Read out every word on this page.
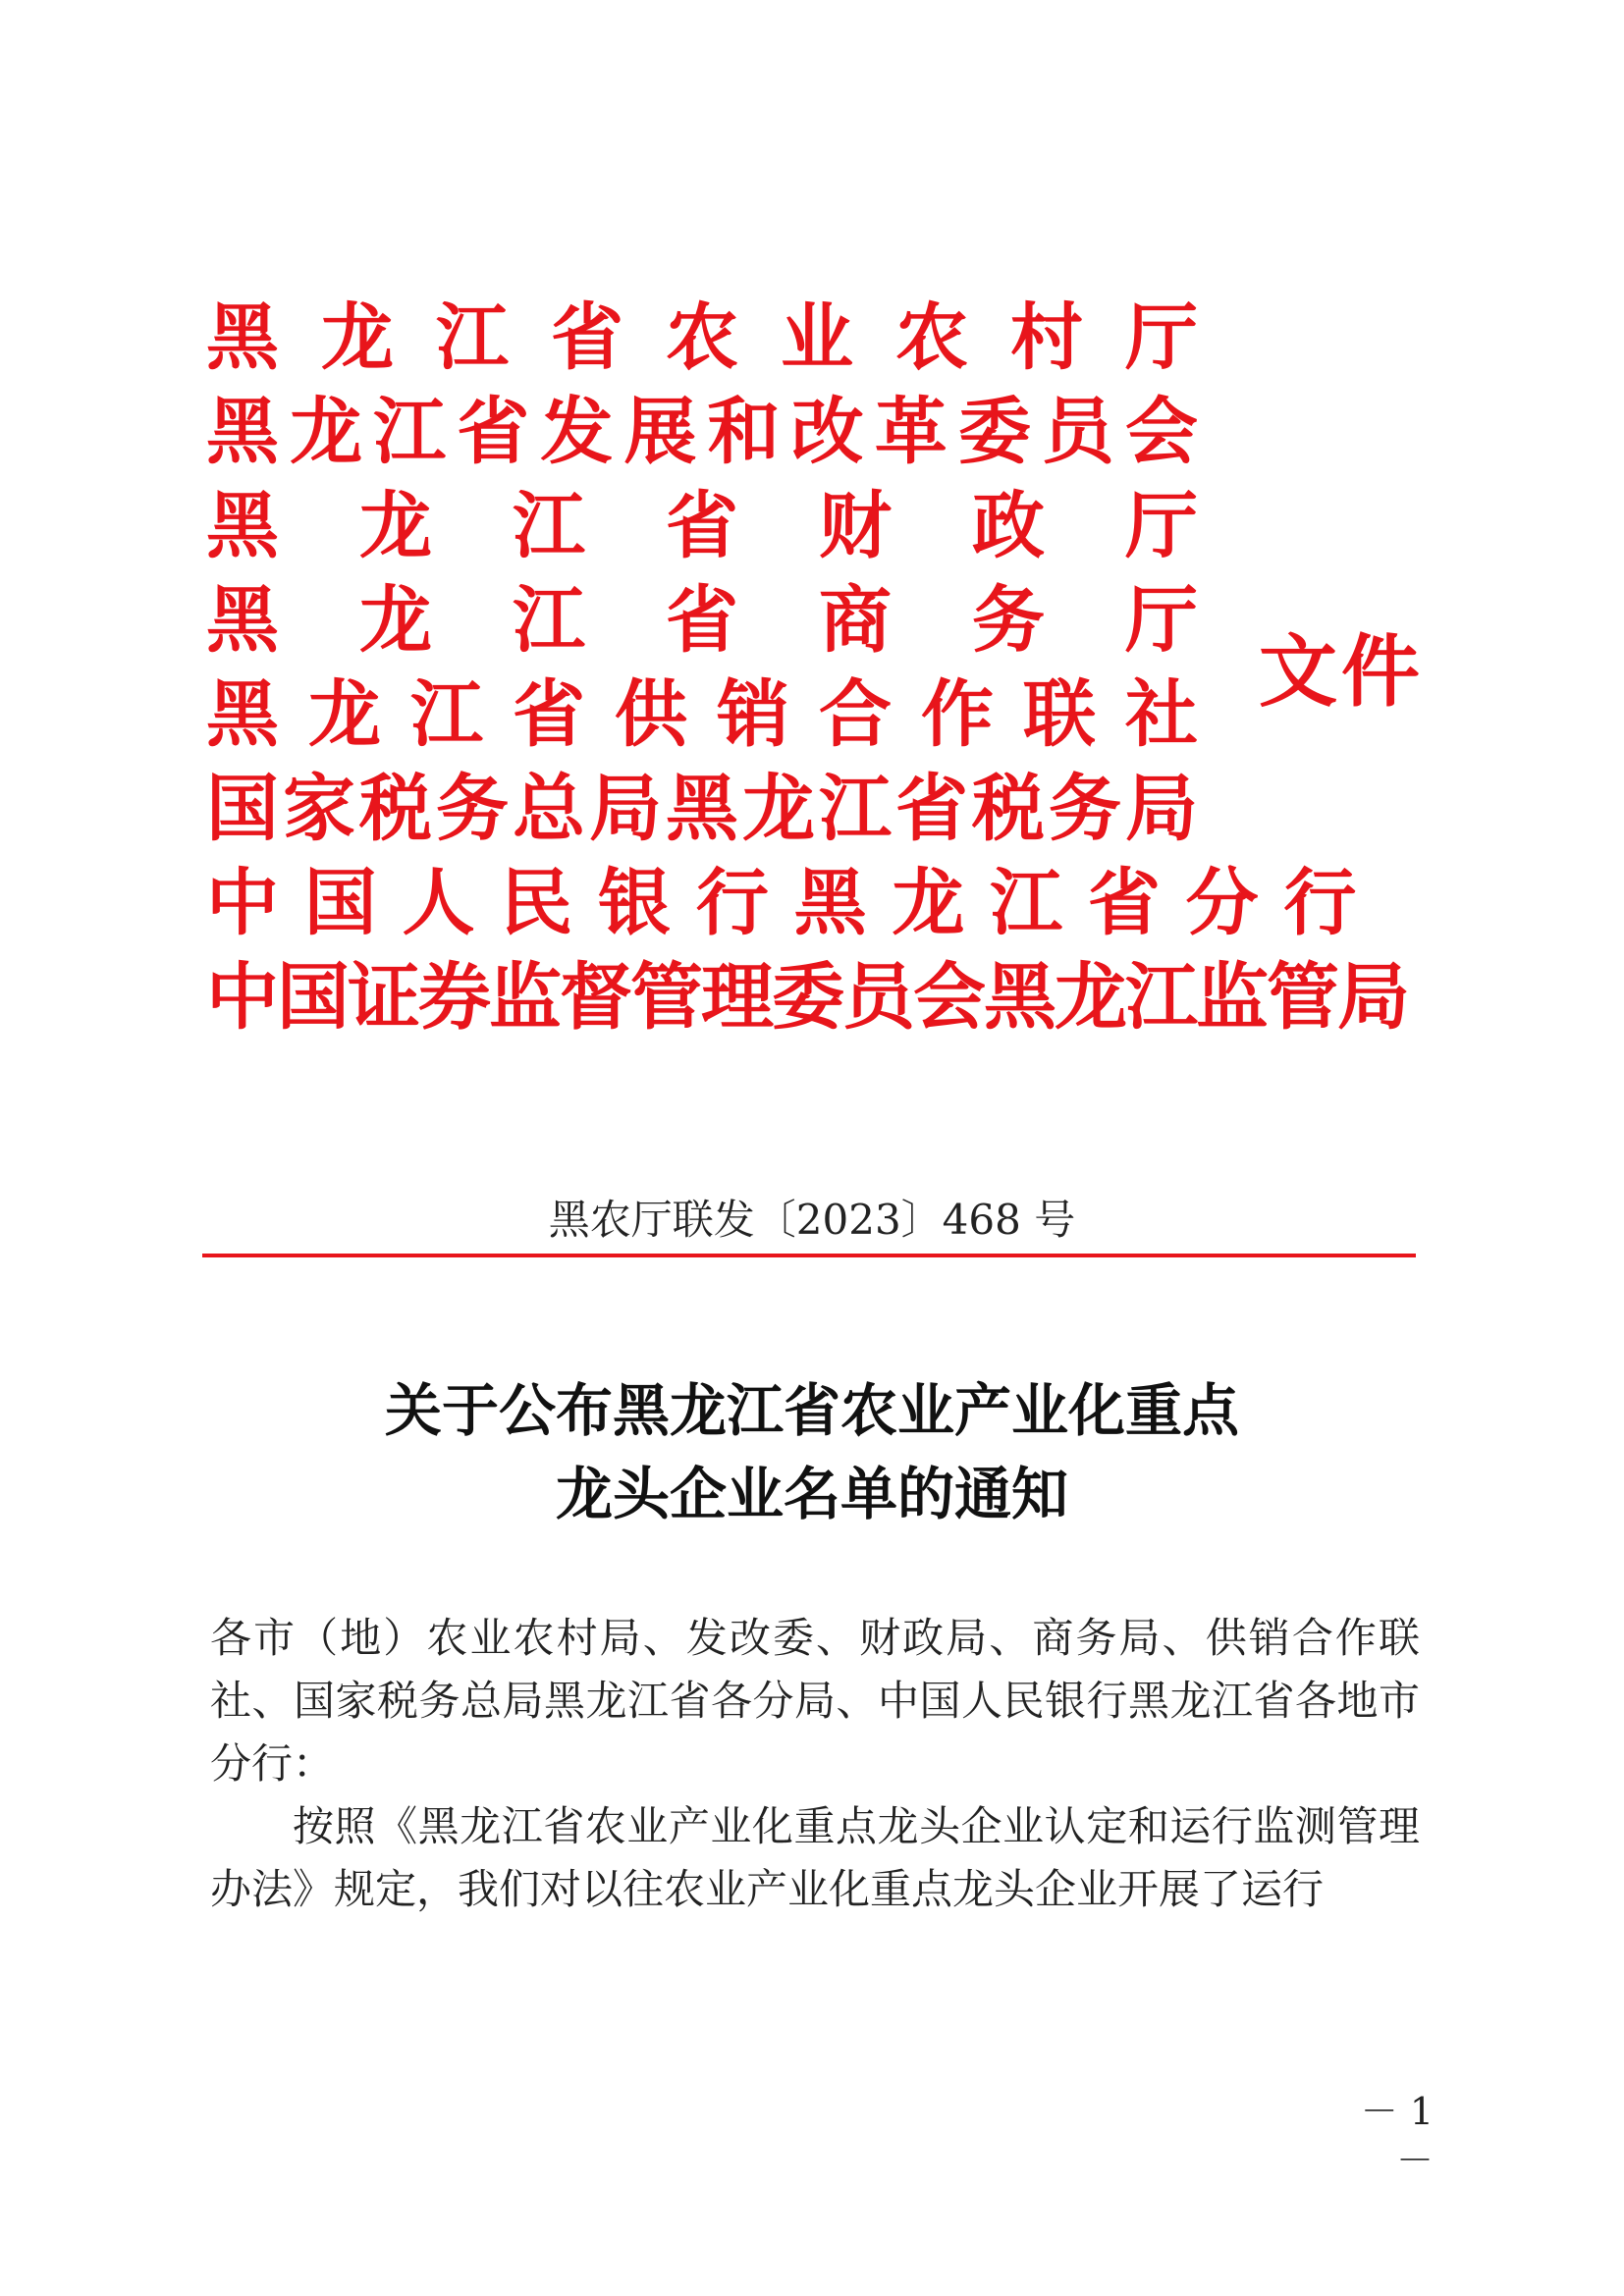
黑 龙 江 省 农 业 农 村 厅
黑龙江省发展和改革委员会
黑 龙 江 省 财 政 厅
黑 龙 江 省 商 务 厅
黑 龙 江 省 供 销 合 作 联 社
国家税务总局黑龙江省税务局
中 国 人 民 银 行 黑 龙 江 省 分 行
中国证券监督管理委员会黑龙江监管局
文件
黑农厅联发〔2023〕468 号
关于公布黑龙江省农业产业化重点
龙头企业名单的通知

各市（地）农业农村局、发改委、财政局、商务局、供销合作联社、国家税务总局黑龙江省各分局、中国人民银行黑龙江省各地市分行：

按照《黑龙江省农业产业化重点龙头企业认定和运行监测管理办法》规定，我们对以往农业产业化重点龙头企业开展了运行

－ 1 －
